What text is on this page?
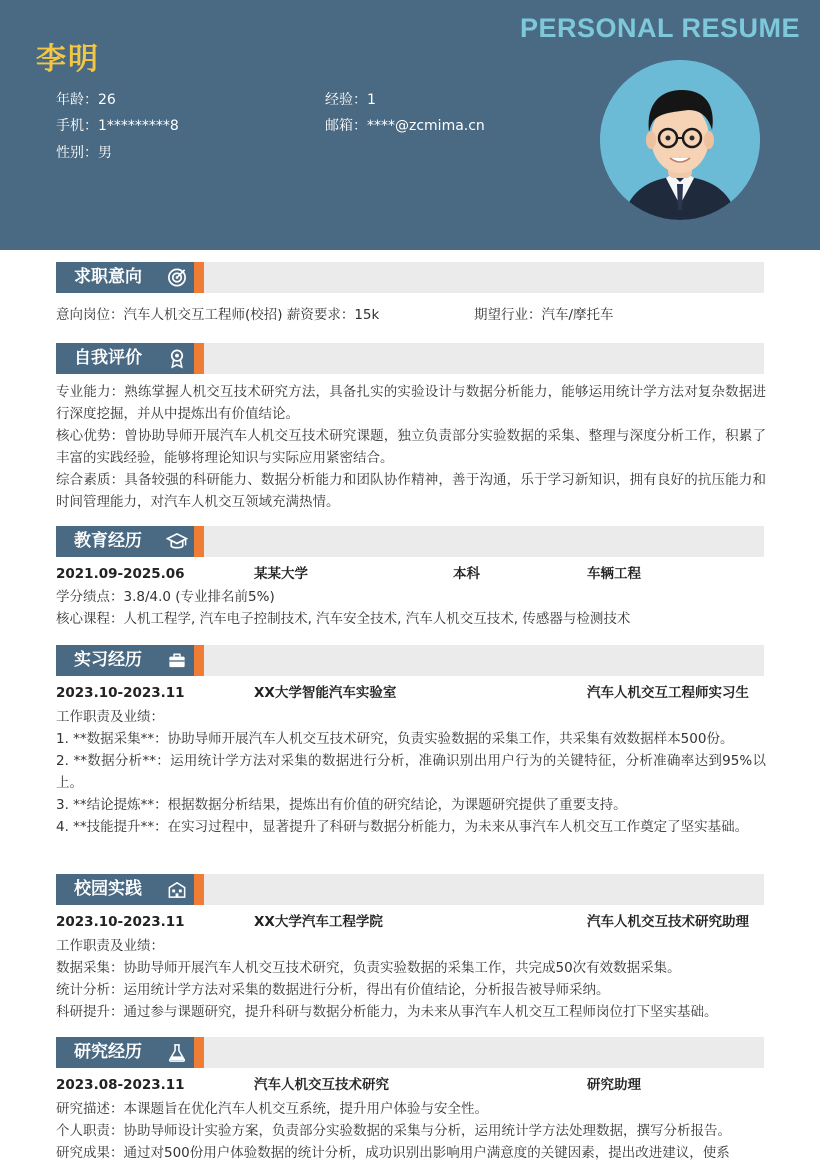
PERSONAL RESUME
李明
年龄：26	经验：1
手机：1*********8	邮箱：****@zcmima.cn
性别：男
求职意向
意向岗位：汽车人机交互工程师(校招) 薪资要求：15k	期望行业：汽车/摩托车
自我评价
专业能力：熟练掌握人机交互技术研究方法，具备扎实的实验设计与数据分析能力，能够运用统计学方法对复杂数据进行深度挖掘，并从中提炼出有价值结论。
核心优势：曾协助导师开展汽车人机交互技术研究课题，独立负责部分实验数据的采集、整理与深度分析工作，积累了丰富的实践经验，能够将理论知识与实际应用紧密结合。
综合素质：具备较强的科研能力、数据分析能力和团队协作精神，善于沟通，乐于学习新知识，拥有良好的抗压能力和时间管理能力，对汽车人机交互领域充满热情。
教育经历
2021.09-2025.06	某某大学	本科	车辆工程
学分绩点：3.8/4.0 (专业排名前5%)
核心课程：人机工程学, 汽车电子控制技术, 汽车安全技术, 汽车人机交互技术, 传感器与检测技术
实习经历
2023.10-2023.11	XX大学智能汽车实验室	汽车人机交互工程师实习生
工作职责及业绩：
1. **数据采集**：协助导师开展汽车人机交互技术研究，负责实验数据的采集工作，共采集有效数据样本500份。
2. **数据分析**：运用统计学方法对采集的数据进行分析，准确识别出用户行为的关键特征，分析准确率达到95%以上。
3. **结论提炼**：根据数据分析结果，提炼出有价值的研究结论，为课题研究提供了重要支持。
4. **技能提升**：在实习过程中，显著提升了科研与数据分析能力，为未来从事汽车人机交互工作奠定了坚实基础。
校园实践
2023.10-2023.11	XX大学汽车工程学院	汽车人机交互技术研究助理
工作职责及业绩：
数据采集：协助导师开展汽车人机交互技术研究，负责实验数据的采集工作，共完成50次有效数据采集。
统计分析：运用统计学方法对采集的数据进行分析，得出有价值结论，分析报告被导师采纳。
科研提升：通过参与课题研究，提升科研与数据分析能力，为未来从事汽车人机交互工程师岗位打下坚实基础。
研究经历
2023.08-2023.11	汽车人机交互技术研究	研究助理
研究描述：本课题旨在优化汽车人机交互系统，提升用户体验与安全性。
个人职责：协助导师设计实验方案，负责部分实验数据的采集与分析，运用统计学方法处理数据，撰写分析报告。
研究成果：通过对500份用户体验数据的统计分析，成功识别出影响用户满意度的关键因素，提出改进建议，使系
